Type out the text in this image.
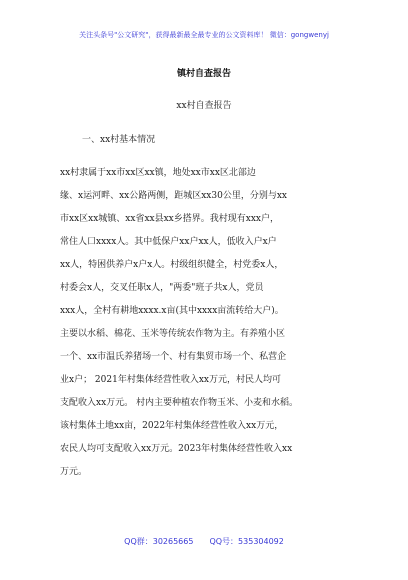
关注头条号"公文研究"，获得最新最全最专业的公文资料库！ 微信：gongwenyj
镇村自查报告
xx村自查报告
一、xx村基本情况
xx村隶属于xx市xx区xx镇，地处xx市xx区北部边
缘、x运河畔、xx公路两侧，距城区xx30公里，分别与xx
市xx区xx城镇、xx省xx县xx乡搭界。我村现有xxx户，
常住人口xxxx人。其中低保户xx户xx人，低收入户x户
xx人，特困供养户x户x人。村级组织健全，村党委x人，
村委会x人，交叉任职x人，"两委"班子共x人，党员
xxx人，全村有耕地xxxx.x亩(其中xxxx亩流转给大户)。
主要以水稻、棉花、玉米等传统农作物为主。有养殖小区
一个、xx市温氏养猪场一个、村有集贸市场一个、私营企
业x户； 2021年村集体经营性收入xx万元，村民人均可
支配收入xx万元。 村内主要种植农作物玉米、小麦和水稻。
该村集体土地xx亩，2022年村集体经营性收入xx万元，
农民人均可支配收入xx万元。2023年村集体经营性收入xx
万元。
QQ群：30265665　　QQ号：535304092
